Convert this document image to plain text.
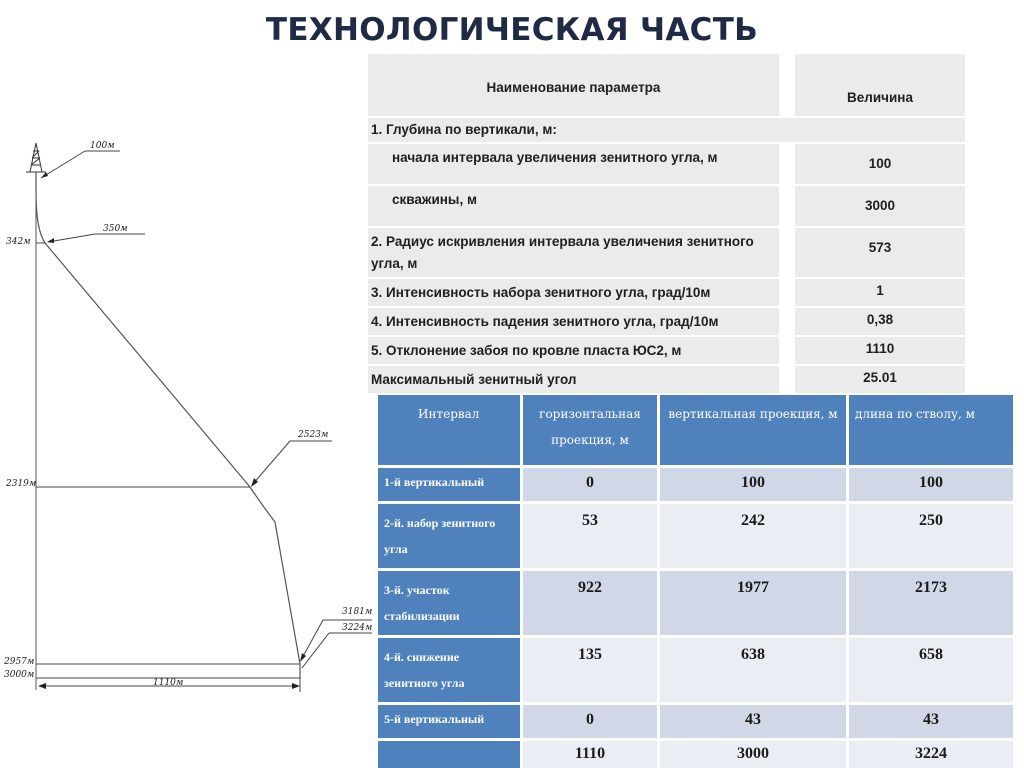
ТЕХНОЛОГИЧЕСКАЯ ЧАСТЬ
100м
342м
350м
2523м
2319м
3181м
3224м
2957м
3000м
1110м
Наименование параметра		Величина
1. Глубина по вертикали, м:		
начала интервала увеличения зенитного угла, м		100
скважины, м		3000
2. Радиус искривления интервала увеличения зенитного угла, м		573
3. Интенсивность набора зенитного угла, град/10м		1
4. Интенсивность падения зенитного угла, град/10м		0,38
5. Отклонение забоя по кровле пласта ЮС2, м		1110
Максимальный зенитный угол		25.01
Интервал	горизонтальная проекция, м	вертикальная проекция, м	длина по стволу, м
1-й вертикальный	0	100	100
2-й. набор зенитного угла	53	242	250
3-й. участок стабилизации	922	1977	2173
4-й. снижение зенитного угла	135	638	658
5-й вертикальный	0	43	43
	1110	3000	3224
